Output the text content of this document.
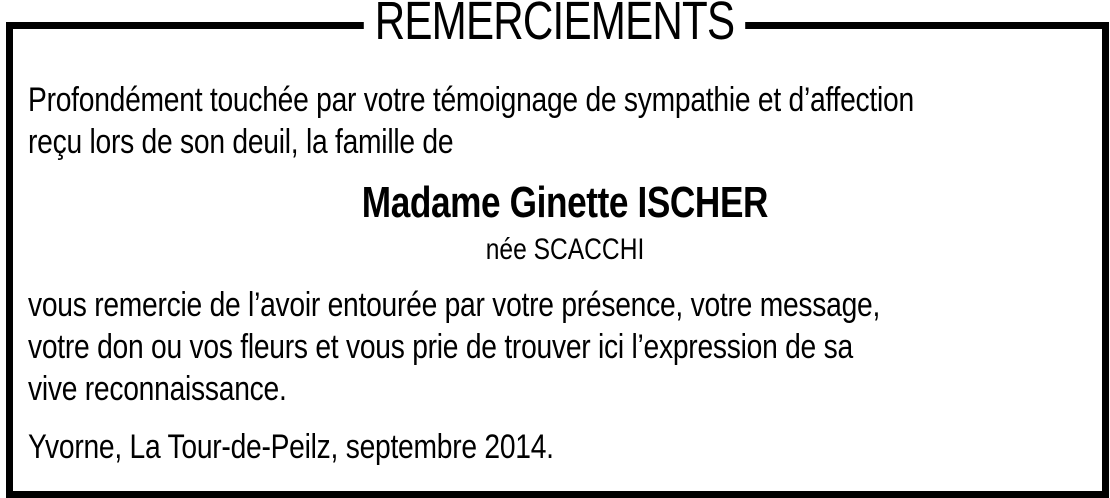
REMERCIEMENTS
Profondément touchée par votre témoignage de sympathie et d’affection
reçu lors de son deuil, la famille de
Madame Ginette ISCHER
née SCACCHI
vous remercie de l’avoir entourée par votre présence, votre message,
votre don ou vos fleurs et vous prie de trouver ici l’expression de sa
vive reconnaissance.
Yvorne, La Tour-de-Peilz, septembre 2014.
